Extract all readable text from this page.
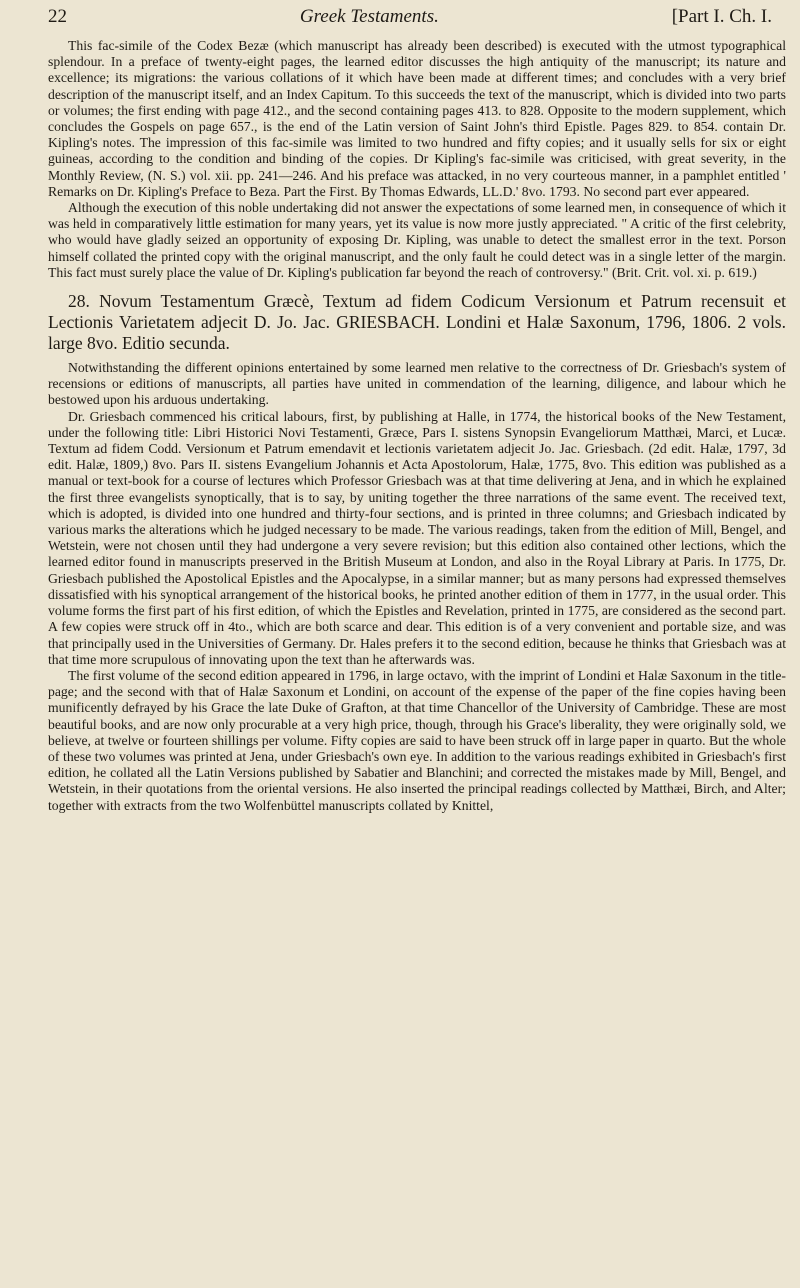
22	Greek Testaments.	[Part I. Ch. I.

This fac-simile of the Codex Bezæ (which manuscript has already been described) is executed with the utmost typographical splendour. In a preface of twenty-eight pages, the learned editor discusses the high antiquity of the manuscript; its nature and excellence; its migrations: the various collations of it which have been made at different times; and concludes with a very brief description of the manuscript itself, and an Index Capitum. To this succeeds the text of the manuscript, which is divided into two parts or volumes; the first ending with page 412., and the second containing pages 413. to 828. Opposite to the modern supplement, which concludes the Gospels on page 657., is the end of the Latin version of Saint John's third Epistle. Pages 829. to 854. contain Dr. Kipling's notes. The impression of this fac-simile was limited to two hundred and fifty copies; and it usually sells for six or eight guineas, according to the condition and binding of the copies. Dr Kipling's fac-simile was criticised, with great severity, in the Monthly Review, (N. S.) vol. xii. pp. 241—246. And his preface was attacked, in no very courteous manner, in a pamphlet entitled ' Remarks on Dr. Kipling's Preface to Beza. Part the First. By Thomas Edwards, LL.D.' 8vo. 1793. No second part ever appeared.

Although the execution of this noble undertaking did not answer the expectations of some learned men, in consequence of which it was held in comparatively little estimation for many years, yet its value is now more justly appreciated. " A critic of the first celebrity, who would have gladly seized an opportunity of exposing Dr. Kipling, was unable to detect the smallest error in the text. Porson himself collated the printed copy with the original manuscript, and the only fault he could detect was in a single letter of the margin. This fact must surely place the value of Dr. Kipling's publication far beyond the reach of controversy." (Brit. Crit. vol. xi. p. 619.)

28. Novum Testamentum Græcè, Textum ad fidem Codicum Versionum et Patrum recensuit et Lectionis Varietatem adjecit D. Jo. Jac. GRIESBACH. Londini et Halæ Saxonum, 1796, 1806. 2 vols. large 8vo. Editio secunda.

Notwithstanding the different opinions entertained by some learned men relative to the correctness of Dr. Griesbach's system of recensions or editions of manuscripts, all parties have united in commendation of the learning, diligence, and labour which he bestowed upon his arduous undertaking.

Dr. Griesbach commenced his critical labours, first, by publishing at Halle, in 1774, the historical books of the New Testament, under the following title: Libri Historici Novi Testamenti, Græce, Pars I. sistens Synopsin Evangeliorum Matthæi, Marci, et Lucæ. Textum ad fidem Codd. Versionum et Patrum emendavit et lectionis varietatem adjecit Jo. Jac. Griesbach. (2d edit. Halæ, 1797, 3d edit. Halæ, 1809,) 8vo. Pars II. sistens Evangelium Johannis et Acta Apostolorum, Halæ, 1775, 8vo. This edition was published as a manual or text-book for a course of lectures which Professor Griesbach was at that time delivering at Jena, and in which he explained the first three evangelists synoptically, that is to say, by uniting together the three narrations of the same event. The received text, which is adopted, is divided into one hundred and thirty-four sections, and is printed in three columns; and Griesbach indicated by various marks the alterations which he judged necessary to be made. The various readings, taken from the edition of Mill, Bengel, and Wetstein, were not chosen until they had undergone a very severe revision; but this edition also contained other lections, which the learned editor found in manuscripts preserved in the British Museum at London, and also in the Royal Library at Paris. In 1775, Dr. Griesbach published the Apostolical Epistles and the Apocalypse, in a similar manner; but as many persons had expressed themselves dissatisfied with his synoptical arrangement of the historical books, he printed another edition of them in 1777, in the usual order. This volume forms the first part of his first edition, of which the Epistles and Revelation, printed in 1775, are considered as the second part. A few copies were struck off in 4to., which are both scarce and dear. This edition is of a very convenient and portable size, and was that principally used in the Universities of Germany. Dr. Hales prefers it to the second edition, because he thinks that Griesbach was at that time more scrupulous of innovating upon the text than he afterwards was.

The first volume of the second edition appeared in 1796, in large octavo, with the imprint of Londini et Halæ Saxonum in the title-page; and the second with that of Halæ Saxonum et Londini, on account of the expense of the paper of the fine copies having been munificently defrayed by his Grace the late Duke of Grafton, at that time Chancellor of the University of Cambridge. These are most beautiful books, and are now only procurable at a very high price, though, through his Grace's liberality, they were originally sold, we believe, at twelve or fourteen shillings per volume. Fifty copies are said to have been struck off in large paper in quarto. But the whole of these two volumes was printed at Jena, under Griesbach's own eye. In addition to the various readings exhibited in Griesbach's first edition, he collated all the Latin Versions published by Sabatier and Blanchini; and corrected the mistakes made by Mill, Bengel, and Wetstein, in their quotations from the oriental versions. He also inserted the principal readings collected by Matthæi, Birch, and Alter; together with extracts from the two Wolfenbüttel manuscripts collated by Knittel,
